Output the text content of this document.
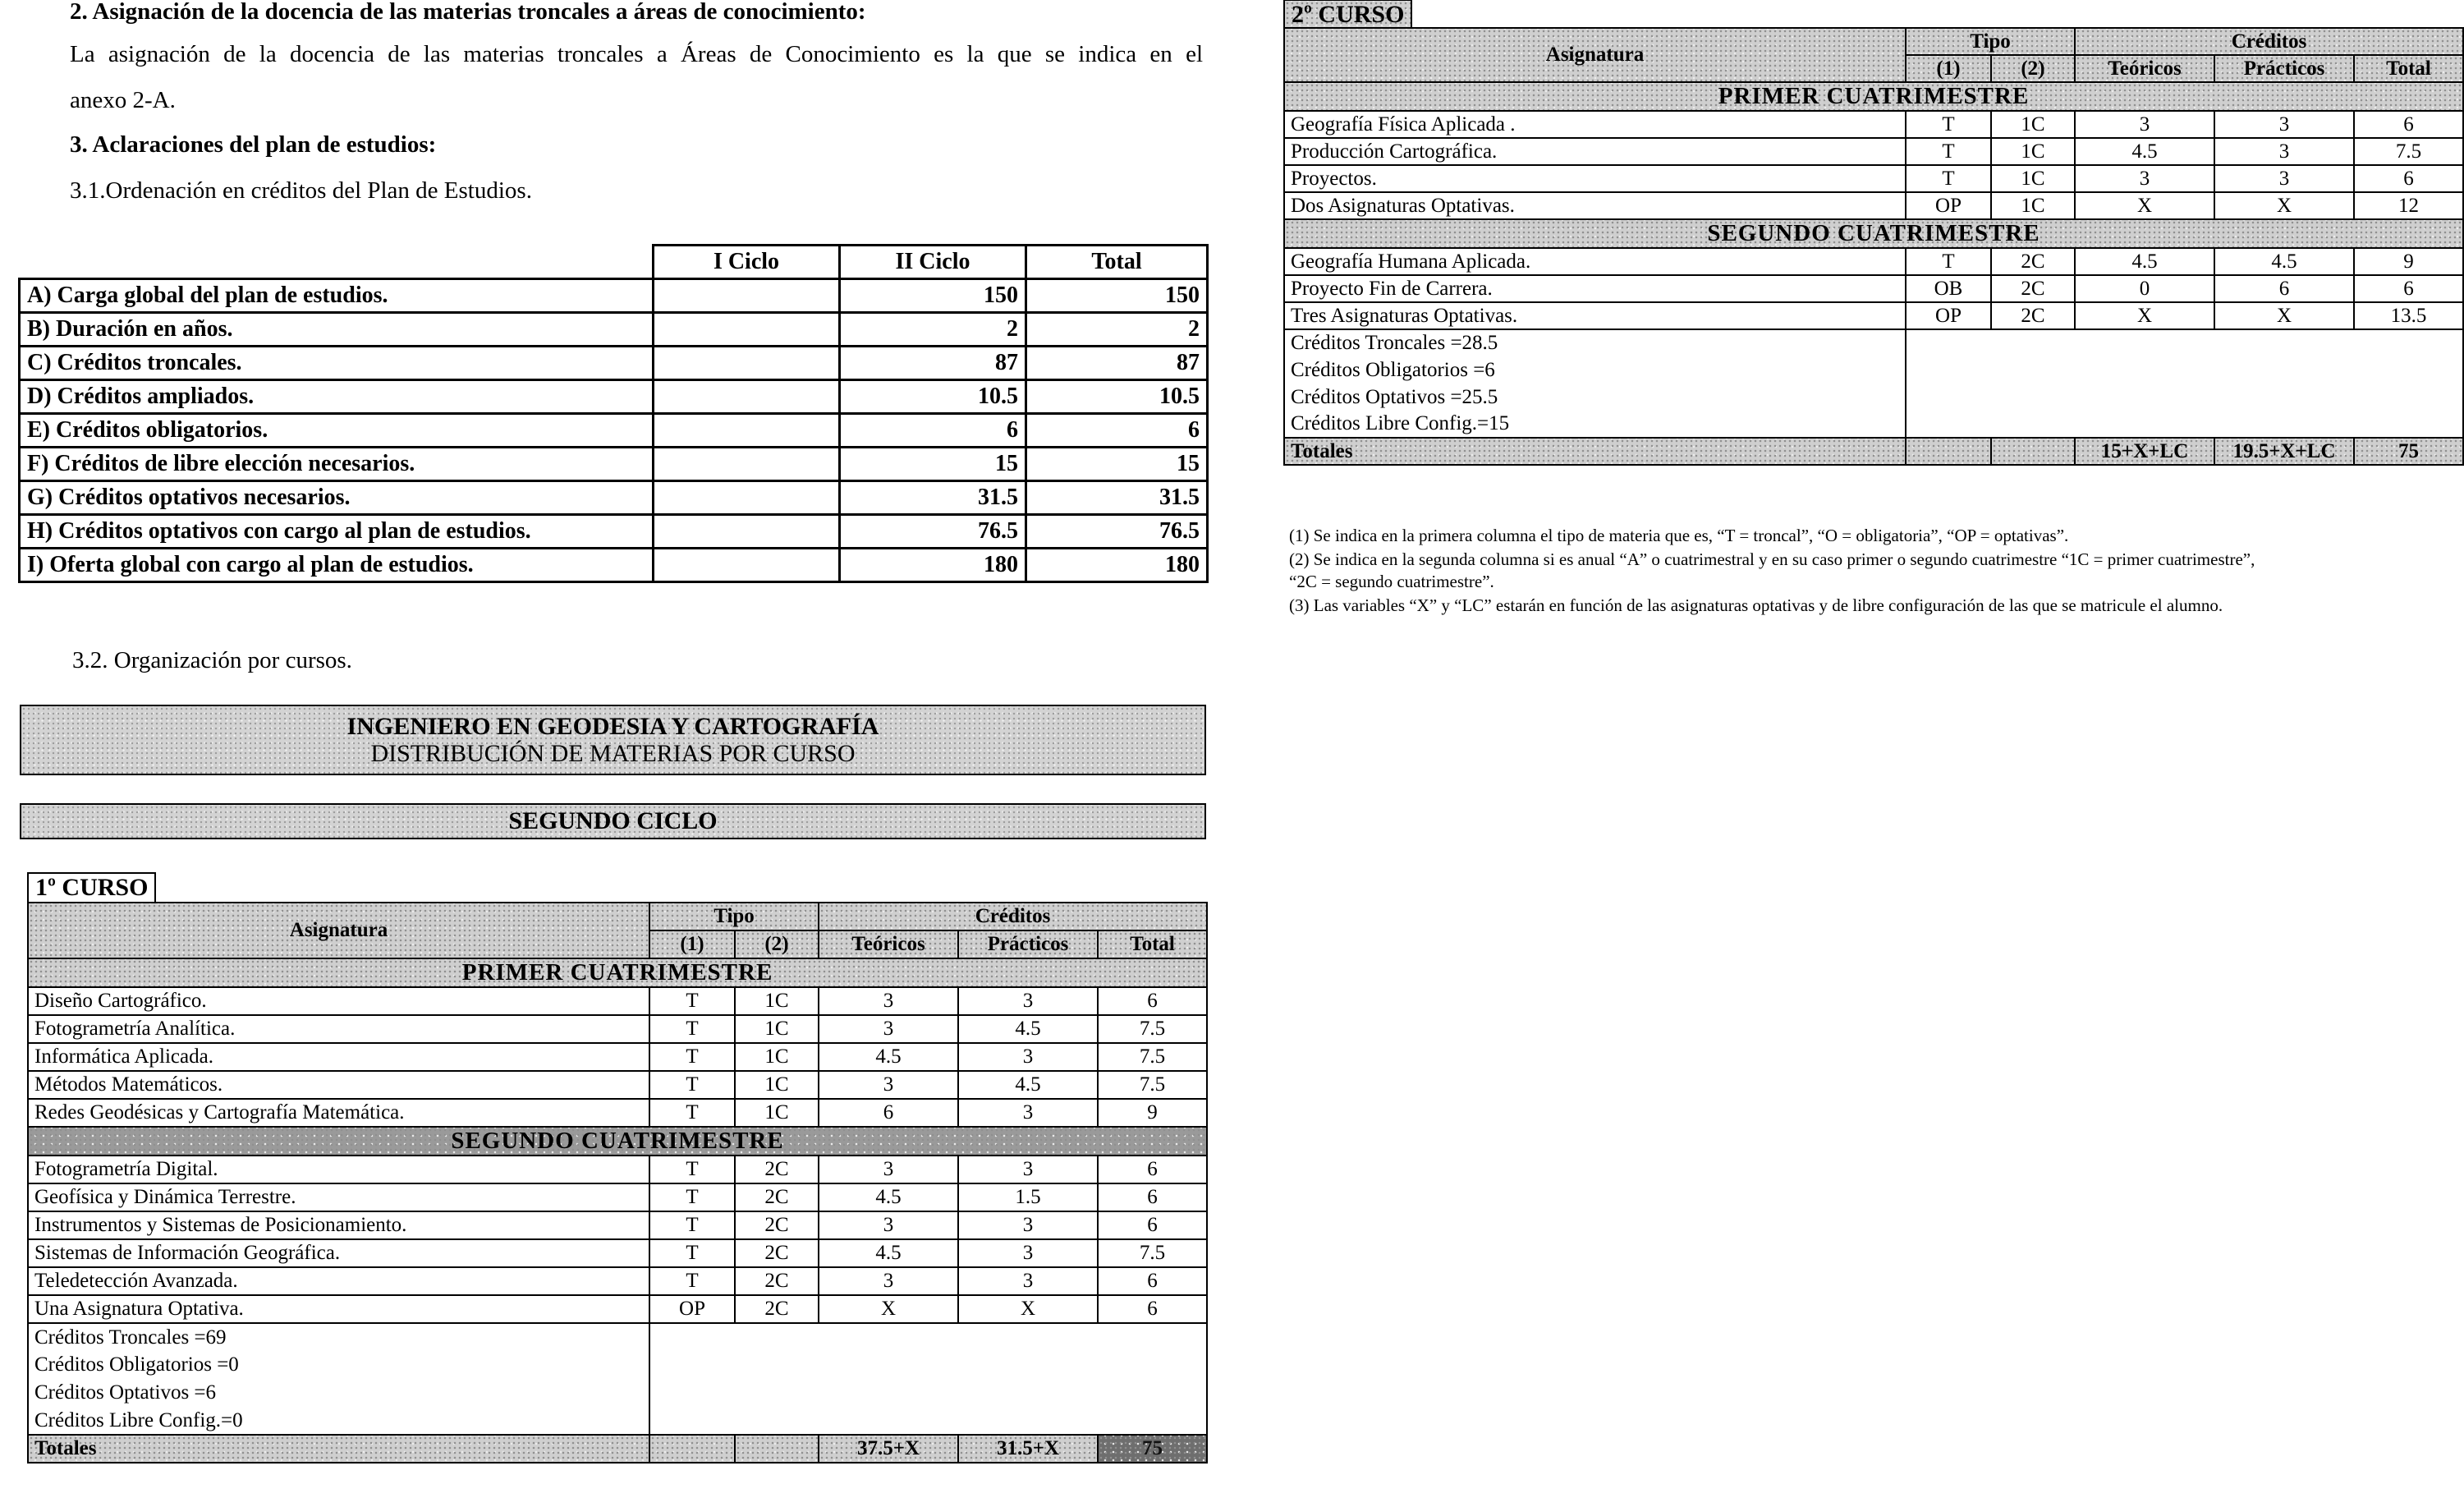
2. Asignación de la docencia de las materias troncales a áreas de conocimiento:

La asignación de la docencia de las materias troncales a Áreas de Conocimiento es la que se indica en el

anexo 2-A.

3. Aclaraciones del plan de estudios:

3.1.Ordenación en créditos del Plan de Estudios.

	I Ciclo	II Ciclo	Total
A) Carga global del plan de estudios.		150	150
B) Duración en años.		2	2
C) Créditos troncales.		87	87
D) Créditos ampliados.		10.5	10.5
E) Créditos obligatorios.		6	6
F) Créditos de libre elección necesarios.		15	15
G) Créditos optativos necesarios.		31.5	31.5
H) Créditos optativos con cargo al plan de estudios.		76.5	76.5
I) Oferta global con cargo al plan de estudios.		180	180

3.2. Organización por cursos.

INGENIERO EN GEODESIA Y CARTOGRAFÍA
DISTRIBUCIÓN DE MATERIAS POR CURSO
SEGUNDO CICLO
1º CURSO
Asignatura	Tipo		Créditos		
	(1)	(2)	Teóricos	Prácticos	Total
PRIMER CUATRIMESTRE					
Diseño Cartográfico.	T	1C	3	3	6
Fotogrametría Analítica.	T	1C	3	4.5	7.5
Informática Aplicada.	T	1C	4.5	3	7.5
Métodos Matemáticos.	T	1C	3	4.5	7.5
Redes Geodésicas y Cartografía Matemática.	T	1C	6	3	9
SEGUNDO CUATRIMESTRE					
Fotogrametría Digital.	T	2C	3	3	6
Geofísica y Dinámica Terrestre.	T	2C	4.5	1.5	6
Instrumentos y Sistemas de Posicionamiento.	T	2C	3	3	6
Sistemas de Información Geográfica.	T	2C	4.5	3	7.5
Teledetección Avanzada.	T	2C	3	3	6
Una Asignatura Optativa.	OP	2C	X	X	6
Créditos Troncales =69					
Créditos Obligatorios =0					
Créditos Optativos =6					
Créditos Libre Config.=0					
Totales			37.5+X	31.5+X	75
2º CURSO
Asignatura	Tipo		Créditos		
	(1)	(2)	Teóricos	Prácticos	Total
PRIMER CUATRIMESTRE					
Geografía Física Aplicada .	T	1C	3	3	6
Producción Cartográfica.	T	1C	4.5	3	7.5
Proyectos.	T	1C	3	3	6
Dos Asignaturas Optativas.	OP	1C	X	X	12
SEGUNDO CUATRIMESTRE					
Geografía Humana Aplicada.	T	2C	4.5	4.5	9
Proyecto Fin de Carrera.	OB	2C	0	6	6
Tres Asignaturas Optativas.	OP	2C	X	X	13.5
Créditos Troncales =28.5					
Créditos Obligatorios =6					
Créditos Optativos =25.5					
Créditos Libre Config.=15					
Totales			15+X+LC	19.5+X+LC	75

(1) Se indica en la primera columna el tipo de materia que es, “T = troncal”, “O = obligatoria”, “OP = optativas”.

(2) Se indica en la segunda columna si es anual “A” o cuatrimestral y en su caso primer o segundo cuatrimestre “1C = primer cuatrimestre”,

“2C = segundo cuatrimestre”.

(3) Las variables “X” y “LC” estarán en función de las asignaturas optativas y de libre configuración de las que se matricule el alumno.
